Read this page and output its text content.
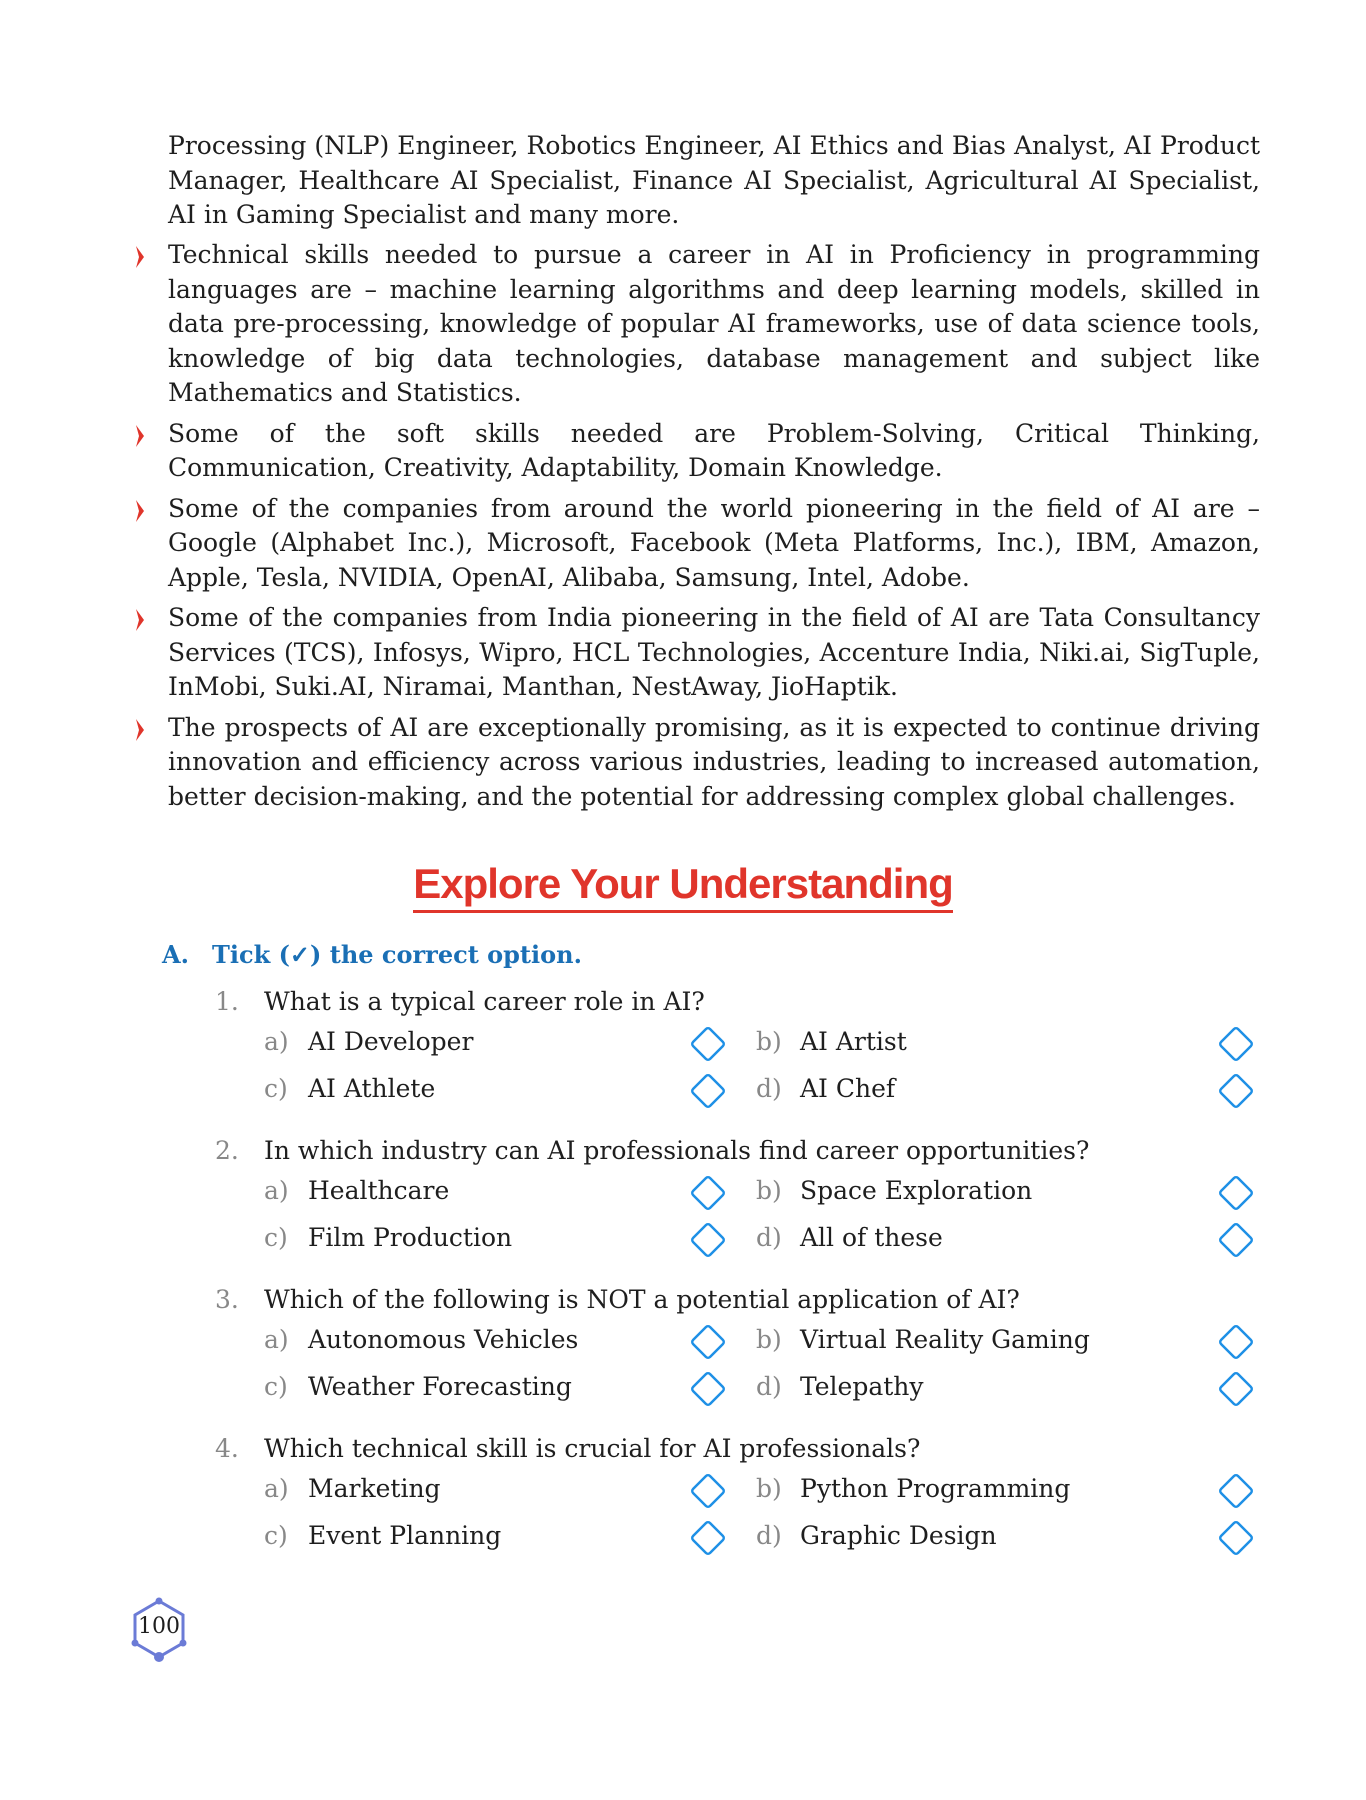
Processing (NLP) Engineer, Robotics Engineer, AI Ethics and Bias Analyst, AI Product Manager, Healthcare AI Specialist, Finance AI Specialist, Agricultural AI Specialist, AI in Gaming Specialist and many more.

Technical skills needed to pursue a career in AI in Proficiency in programming languages are – machine learning algorithms and deep learning models, skilled in data pre-processing, knowledge of popular AI frameworks, use of data science tools, knowledge of big data technologies, database management and subject like Mathematics and Statistics.
Some of the soft skills needed are Problem-Solving, Critical Thinking, Communication, Creativity, Adaptability, Domain Knowledge.
Some of the companies from around the world pioneering in the field of AI are – Google (Alphabet Inc.), Microsoft, Facebook (Meta Platforms, Inc.), IBM, Amazon, Apple, Tesla, NVIDIA, OpenAI, Alibaba, Samsung, Intel, Adobe.
Some of the companies from India pioneering in the field of AI are Tata Consultancy Services (TCS), Infosys, Wipro, HCL Technologies, Accenture India, Niki.ai, SigTuple, InMobi, Suki.AI, Niramai, Manthan, NestAway, JioHaptik.
The prospects of AI are exceptionally promising, as it is expected to continue driving innovation and efficiency across various industries, leading to increased automation, better decision-making, and the potential for addressing complex global challenges.
Explore Your Understanding
A. Tick (✓) the correct option.
1. What is a typical career role in AI?
a) AI Developer	b) AI Artist
c) AI Athlete	d) AI Chef
2. In which industry can AI professionals find career opportunities?
a) Healthcare	b) Space Exploration
c) Film Production	d) All of these
3. Which of the following is NOT a potential application of AI?
a) Autonomous Vehicles	b) Virtual Reality Gaming
c) Weather Forecasting	d) Telepathy
4. Which technical skill is crucial for AI professionals?
a) Marketing	b) Python Programming
c) Event Planning	d) Graphic Design
100
